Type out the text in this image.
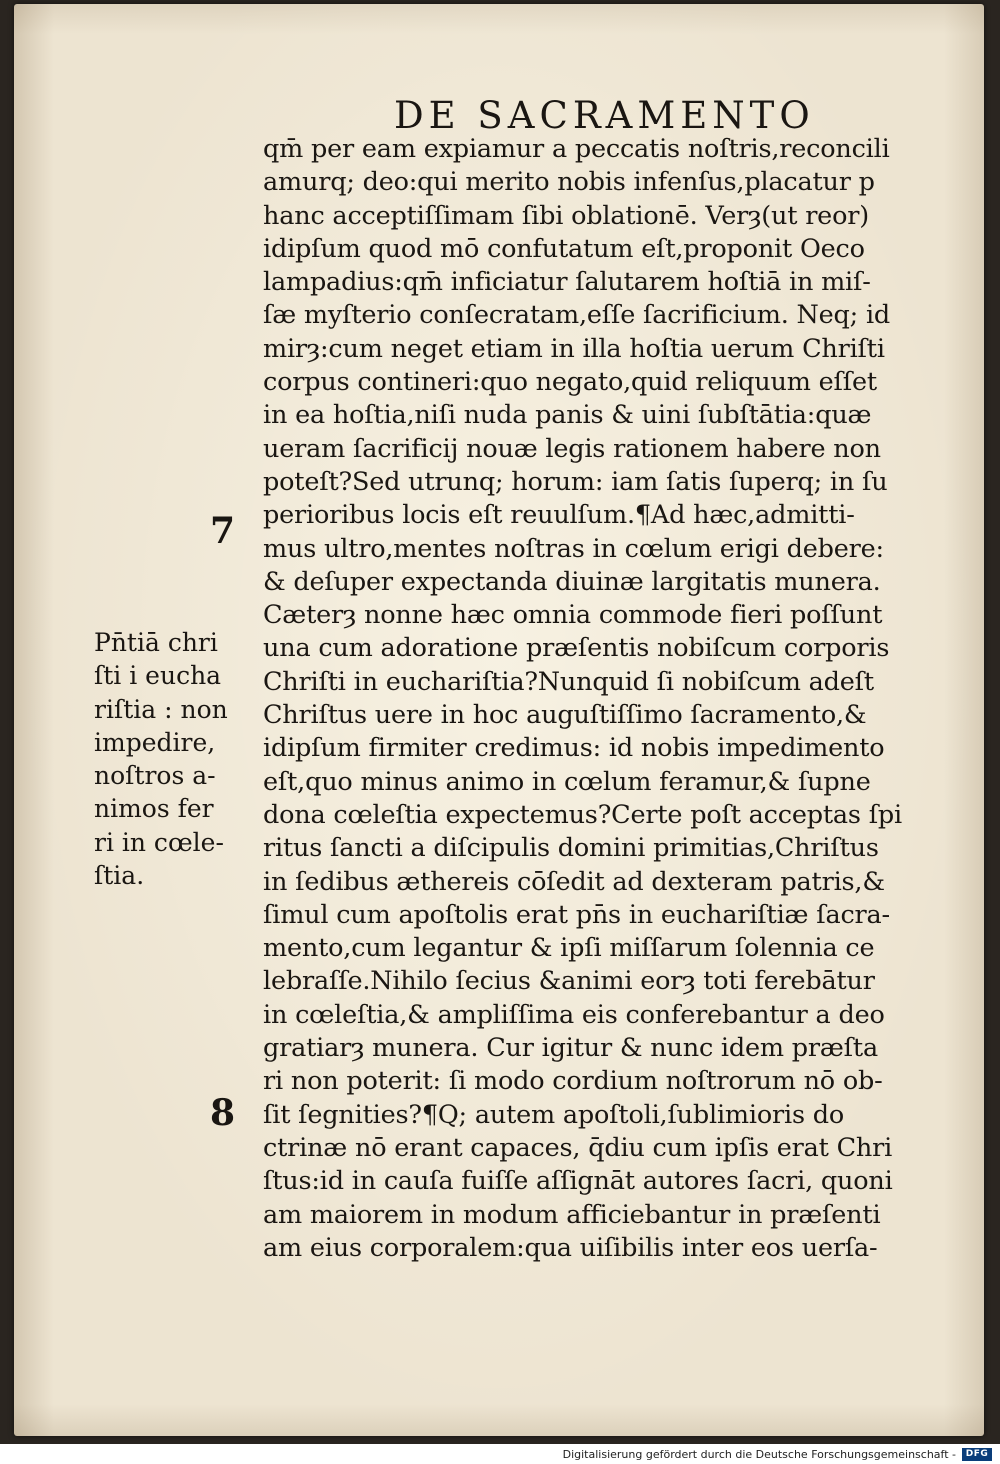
DE SACRAMENTO
7
8
Pn̄tiā chri
ſti i eucha
riſtia : non
impedire,
noſtros a-
nimos fer
ri in cœle-
ſtia.
qm̄ per eam expiamur a peccatis noſtris,reconcili
amurq; deo:qui merito nobis infenſus,placatur p
hanc acceptiſſimam ſibi oblationē. Verȝ(ut reor)
idipſum quod mō confutatum eſt,proponit Oeco
lampadius:qm̄ inficiatur ſalutarem hoſtiā in miſ-
ſæ myſterio conſecratam,eſſe ſacrificium. Neq; id
mirȝ:cum neget etiam in illa hoſtia uerum Chriſti
corpus contineri:quo negato,quid reliquum eſſet
in ea hoſtia,niſi nuda panis & uini ſubſtātia:quæ
ueram ſacrificij nouæ legis rationem habere non
poteſt?Sed utrunq; horum: iam ſatis ſuperq; in ſu
perioribus locis eſt reuulſum.¶Ad hæc,admitti-
mus ultro,mentes noſtras in cœlum erigi debere:
& deſuper expectanda diuinæ largitatis munera.
Cæterȝ nonne hæc omnia commode fieri poſſunt
una cum adoratione præſentis nobiſcum corporis
Chriſti in euchariſtia?Nunquid ſi nobiſcum adeſt
Chriſtus uere in hoc auguſtiſſimo ſacramento,&
idipſum firmiter credimus: id nobis impedimento
eſt,quo minus animo in cœlum feramur,& ſupne
dona cœleſtia expectemus?Certe poſt acceptas ſpi
ritus ſancti a diſcipulis domini primitias,Chriſtus
in ſedibus æthereis cōſedit ad dexteram patris,&
ſimul cum apoſtolis erat pn̄s in euchariſtiæ ſacra-
mento,cum legantur & ipſi miſſarum ſolennia ce
lebraſſe.Nihilo ſecius &animi eorȝ toti ferebātur
in cœleſtia,& ampliſſima eis conferebantur a deo
gratiarȝ munera. Cur igitur & nunc idem præſta
ri non poterit: ſi modo cordium noſtrorum nō ob-
ſit ſegnities?¶Q; autem apoſtoli,ſublimioris do
ctrinæ nō erant capaces, q̄diu cum ipſis erat Chri
ſtus:id in cauſa fuiſſe aſſignāt autores ſacri, quoni
am maiorem in modum afficiebantur in præſenti
am eius corporalem:qua uiſibilis inter eos uerſa-
Digitalisierung gefördert durch die Deutsche Forschungsgemeinschaft -	DFG
